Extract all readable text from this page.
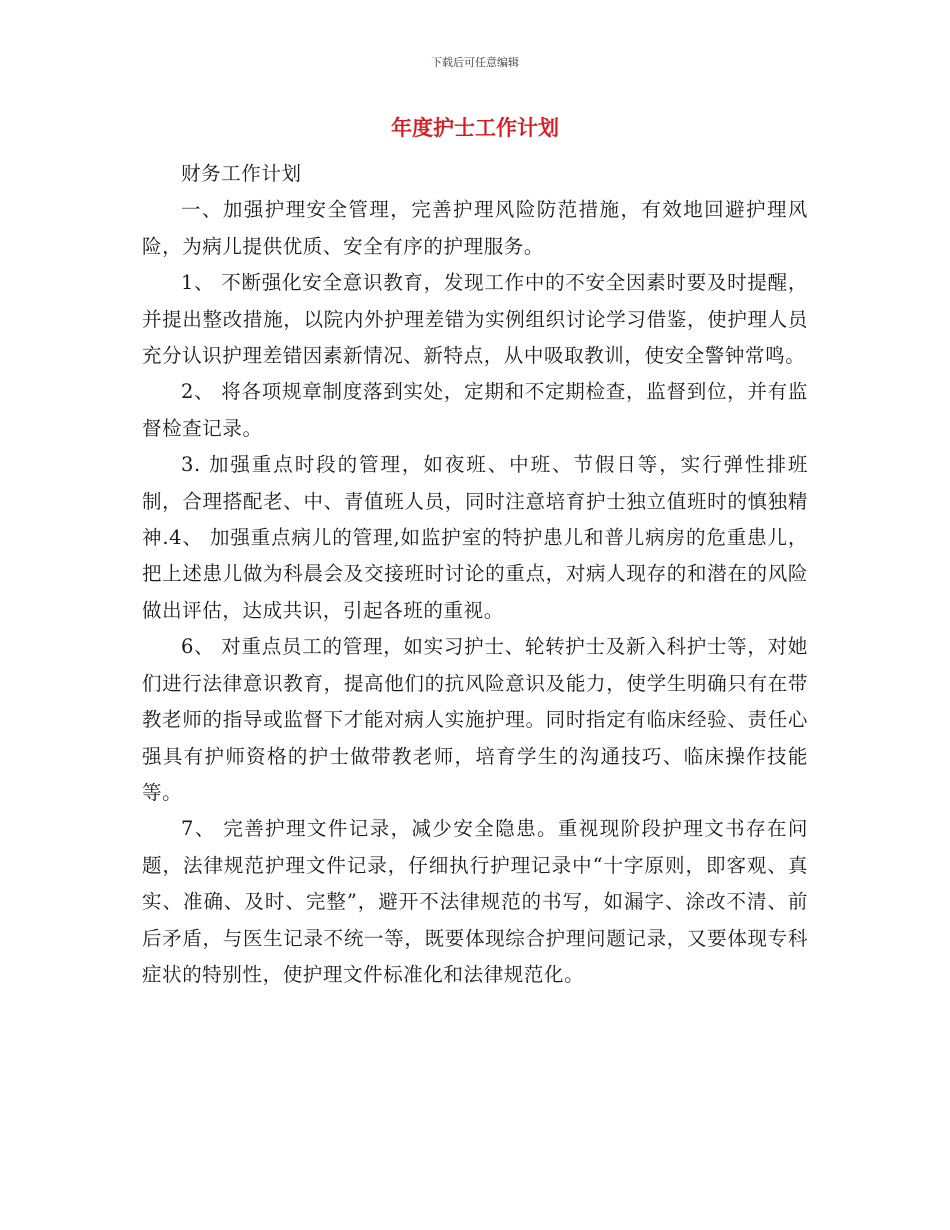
下载后可任意编辑
年度护士工作计划

财务工作计划

一、加强护理安全管理，完善护理风险防范措施，有效地回避护理风险，为病儿提供优质、安全有序的护理服务。

1、 不断强化安全意识教育，发现工作中的不安全因素时要及时提醒，并提出整改措施，以院内外护理差错为实例组织讨论学习借鉴，使护理人员充分认识护理差错因素新情况、新特点，从中吸取教训，使安全警钟常鸣。

2、 将各项规章制度落到实处，定期和不定期检查，监督到位，并有监督检查记录。

3. 加强重点时段的管理，如夜班、中班、节假日等，实行弹性排班制，合理搭配老、中、青值班人员，同时注意培育护士独立值班时的慎独精神.4、 加强重点病儿的管理,如监护室的特护患儿和普儿病房的危重患儿，把上述患儿做为科晨会及交接班时讨论的重点，对病人现存的和潜在的风险做出评估，达成共识，引起各班的重视。

6、 对重点员工的管理，如实习护士、轮转护士及新入科护士等，对她们进行法律意识教育，提高他们的抗风险意识及能力，使学生明确只有在带教老师的指导或监督下才能对病人实施护理。同时指定有临床经验、责任心强具有护师资格的护士做带教老师，培育学生的沟通技巧、临床操作技能等。

7、 完善护理文件记录，减少安全隐患。重视现阶段护理文书存在问题，法律规范护理文件记录，仔细执行护理记录中“十字原则，即客观、真实、准确、及时、完整”，避开不法律规范的书写，如漏字、涂改不清、前后矛盾，与医生记录不统一等，既要体现综合护理问题记录，又要体现专科症状的特别性，使护理文件标准化和法律规范化。
